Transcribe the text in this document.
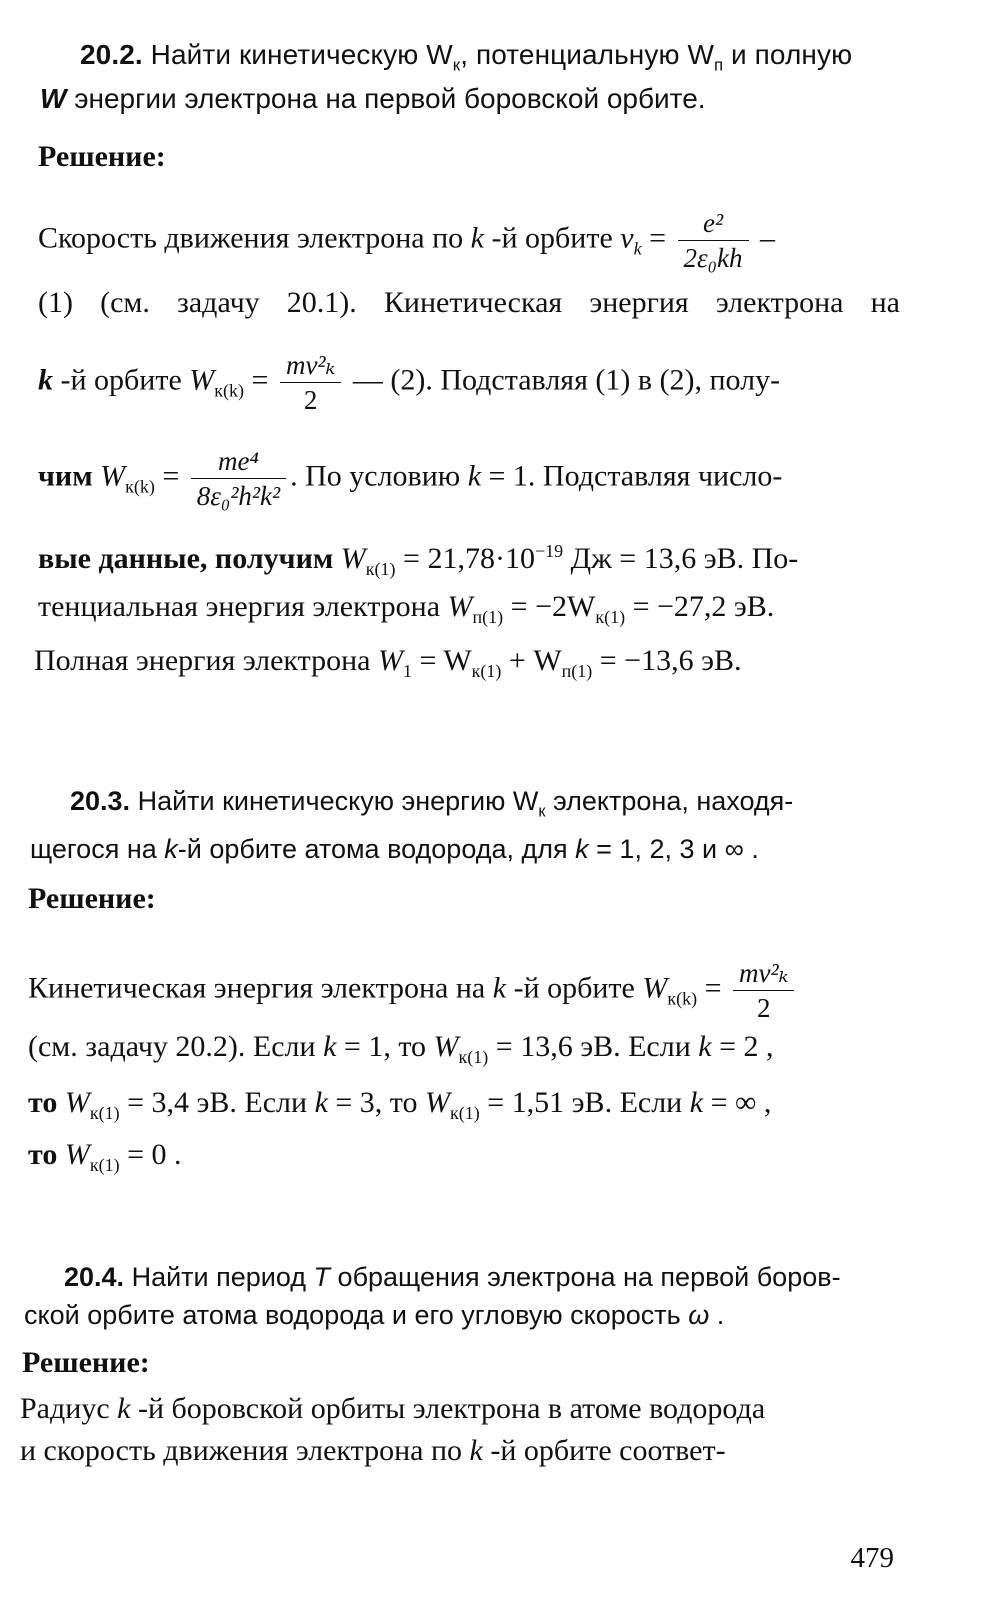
20.2. Найти кинетическую $W_к$, потенциальную $W_п$ и полную
W энергии электрона на первой боровской орбите.
Решение:
Скорость движения электрона по k -й орбите $v_k = \frac{\text{e²}}{\text{2ε₀kh}}$ –
(1) (см. задачу 20.1). Кинетическая энергия электрона на
k -й орбите $W_{к(k)} = \frac{\text{mv²ₖ}}{2}$ — (2). Подставляя (1) в (2), полу-
чим $W_{к(k)} = \frac{\text{me⁴}}{\text{8ε₀²h²k²}}$ . По условию k = 1. Подставляя число-
вые данные, получим $W_{к(1)} = 21,78\cdot 10^{-19}$ Дж = 13,6 эВ. По-
тенциальная энергия электрона $W_{п(1)} = -2W_{к(1)} = -27,2$ эВ.
Полная энергия электрона $W_1 = W_{к(1)} + W_{п(1)} = -13,6$ эВ.
20.3. Найти кинетическую энергию $W_к$ электрона, находя-
щегося на k-й орбите атома водорода, для k = 1, 2, 3 и ∞ .
Решение:
Кинетическая энергия электрона на k -й орбите $W_{к(k)} = \frac{\text{mv²ₖ}}{2}$
(см. задачу 20.2). Если k = 1, то $W_{к(1)} = 13,6$ эВ. Если k = 2 ,
то $W_{к(1)} = 3,4$ эВ. Если k = 3, то $W_{к(1)} = 1,51$ эВ. Если k = ∞ ,
то $W_{к(1)} = 0$ .
20.4. Найти период T обращения электрона на первой боров-
ской орбите атома водорода и его угловую скорость ω .
Решение:
Радиус k -й боровской орбиты электрона в атоме водорода
и скорость движения электрона по k -й орбите соответ-
479
